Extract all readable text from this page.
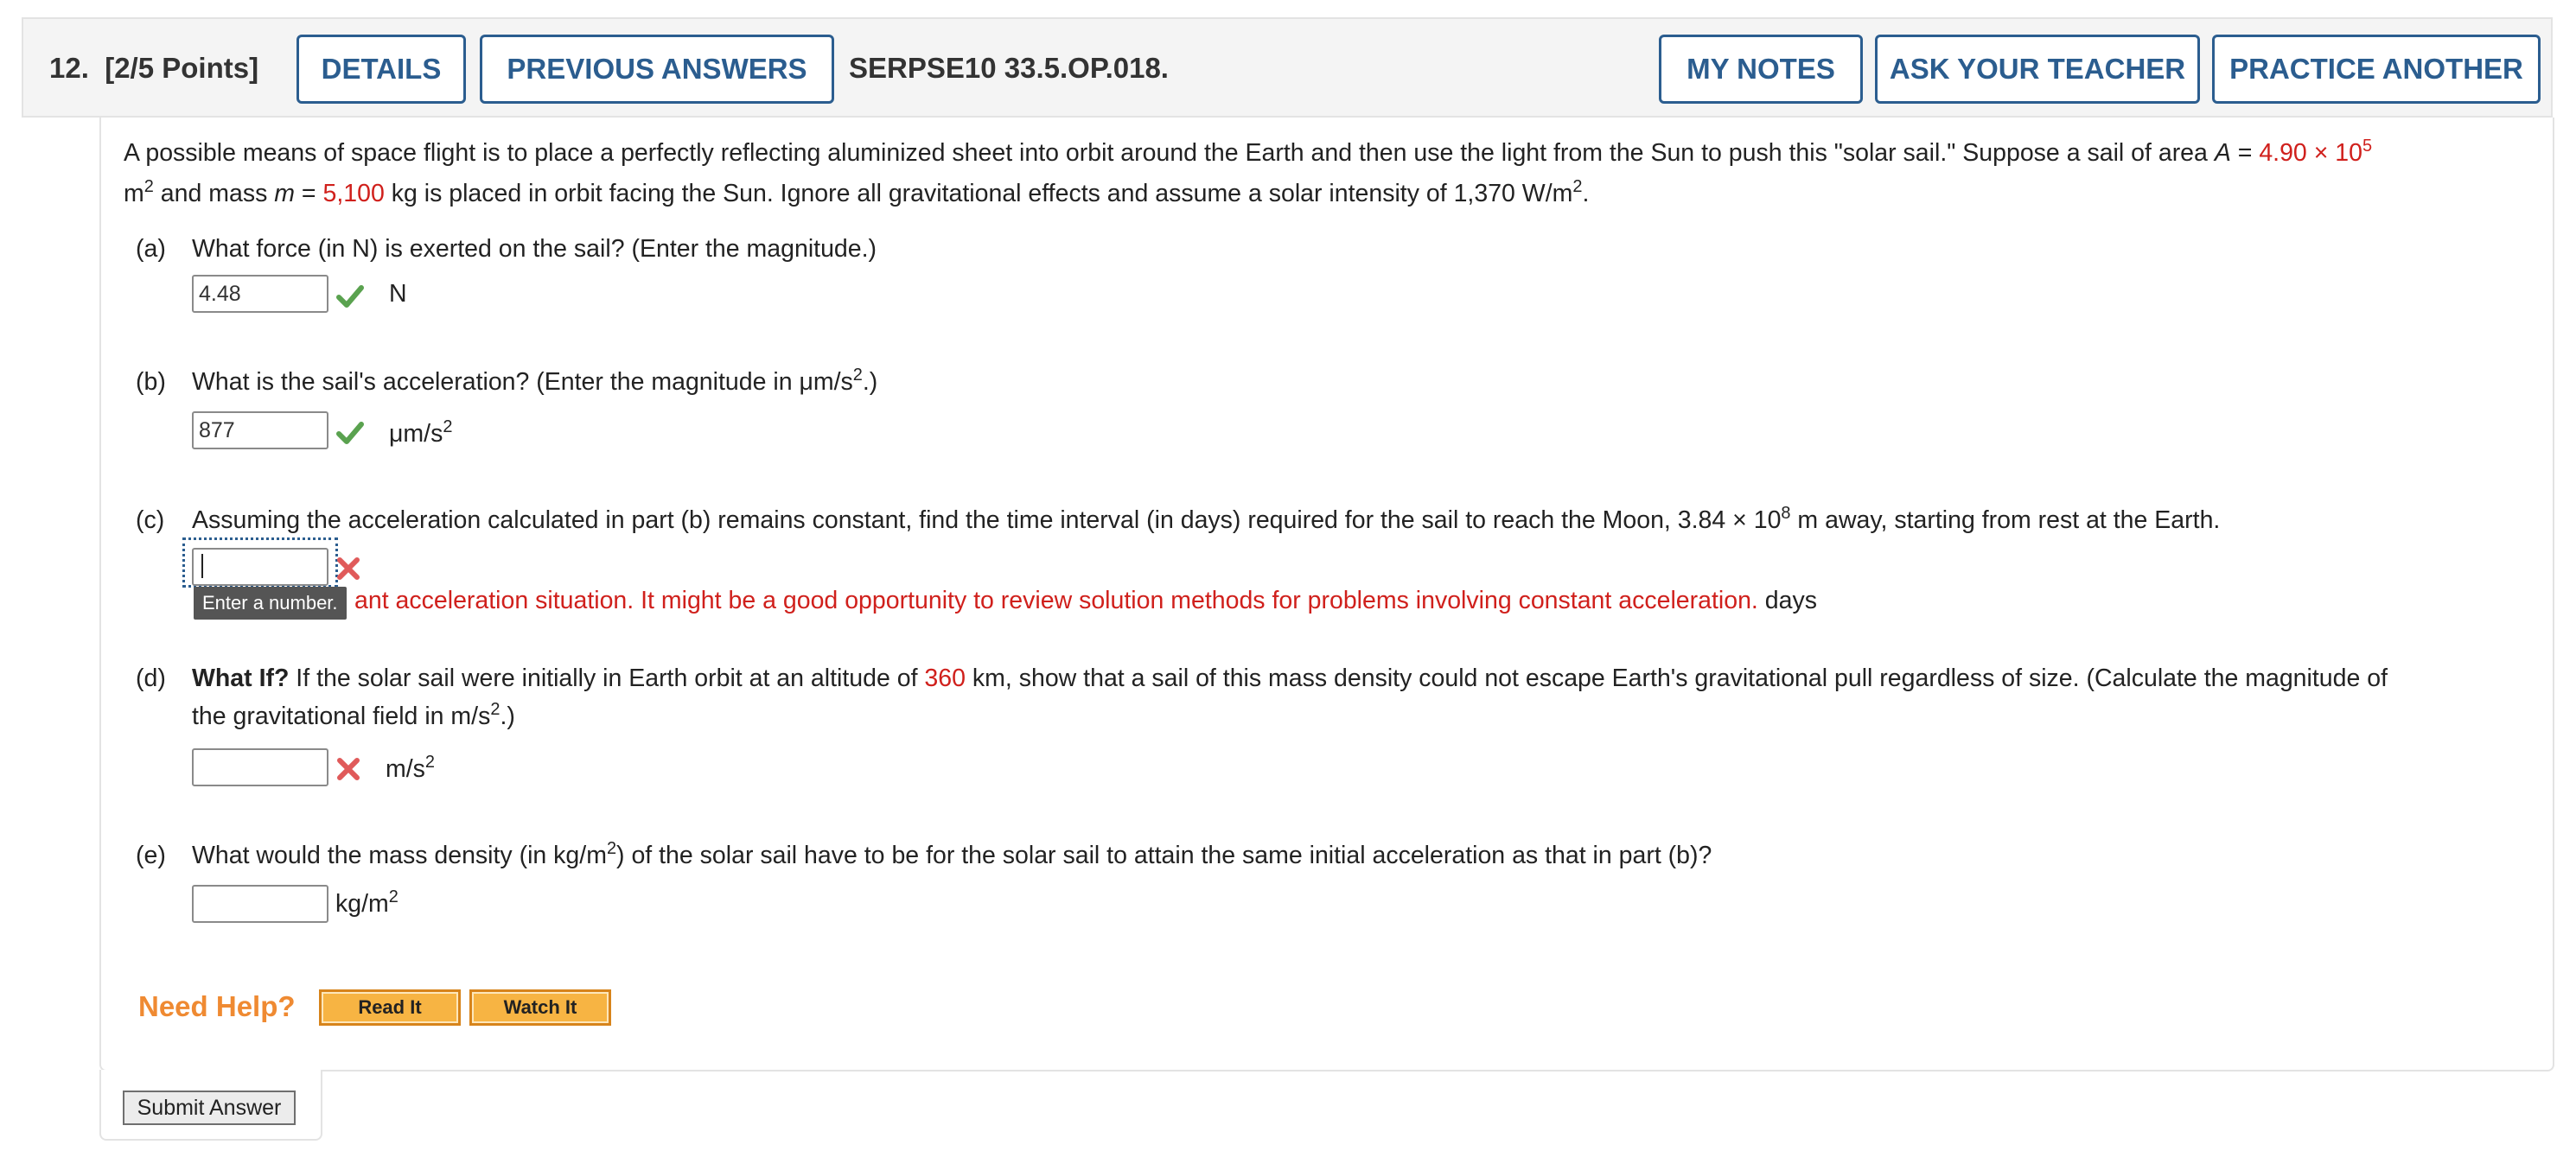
12. [2/5 Points]	DETAILS	PREVIOUS ANSWERS	SERPSE10 33.5.OP.018.	MY NOTES	ASK YOUR TEACHER	PRACTICE ANOTHER
A possible means of space flight is to place a perfectly reflecting aluminized sheet into orbit around the Earth and then use the light from the Sun to push this "solar sail." Suppose a sail of area $A = 4.90 \times 10^5$
$m^2$ and mass m = 5,100 kg is placed in orbit facing the Sun. Ignore all gravitational effects and assume a solar intensity of 1,370 $W/m^2$.
(a) What force (in N) is exerted on the sail? (Enter the magnitude.)
4.48
N
(b) What is the sail's acceleration? (Enter the magnitude in $\mu m/s^2$.)
877
$\mu m/s^2$
(c) Assuming the acceleration calculated in part (b) remains constant, find the time interval (in days) required for the sail to reach the Moon, $3.84 \times 10^8$ m away, starting from rest at the Earth.
Enter a number. ant acceleration situation. It might be a good opportunity to review solution methods for problems involving constant acceleration. days
(d) What If? If the solar sail were initially in Earth orbit at an altitude of 360 km, show that a sail of this mass density could not escape Earth's gravitational pull regardless of size. (Calculate the magnitude of
the gravitational field in $m/s^2$.)
$m/s^2$
(e) What would the mass density (in $kg/m^2$) of the solar sail have to be for the solar sail to attain the same initial acceleration as that in part (b)?
$kg/m^2$
Need Help?	Read It	Watch It
Submit Answer
